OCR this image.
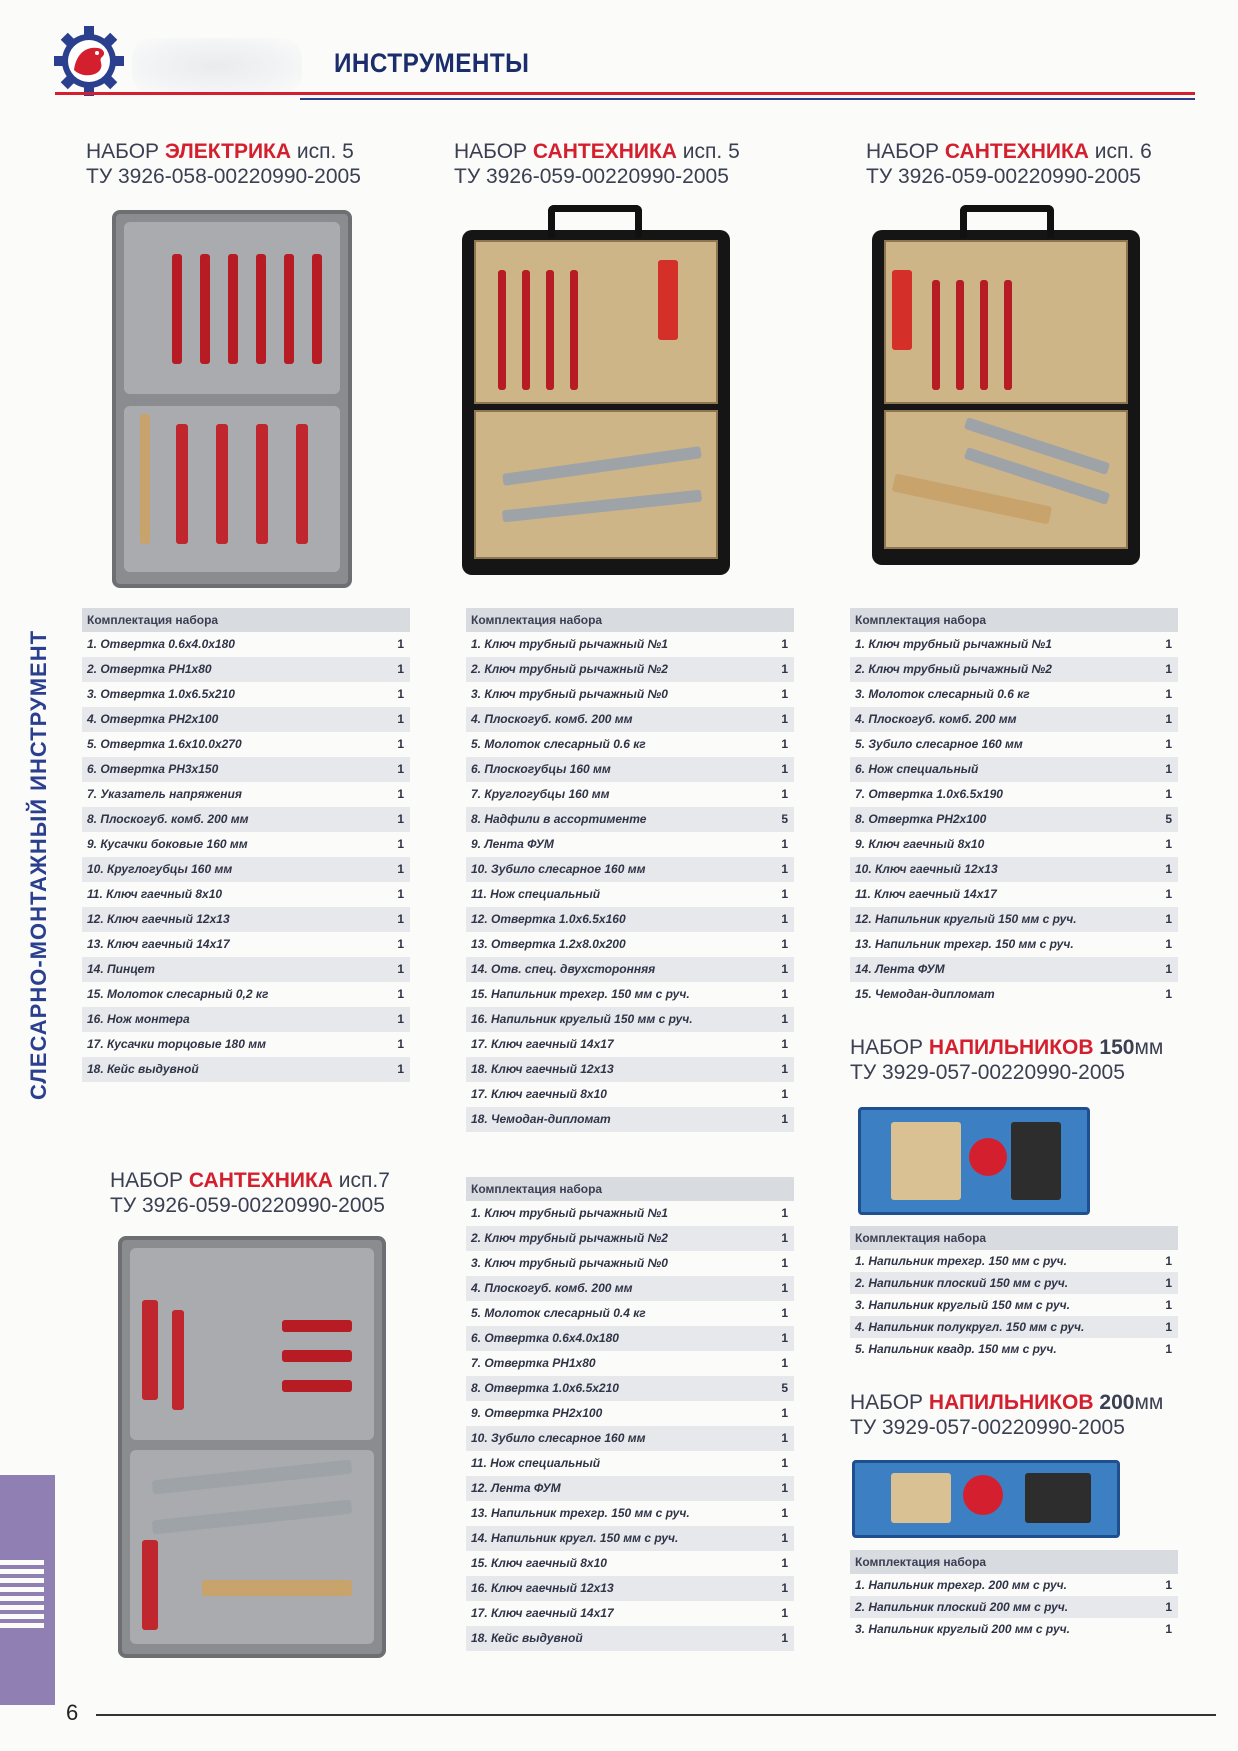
ИНСТРУМЕНТЫ
СЛЕСАРНО-МОНТАЖНЫЙ ИНСТРУМЕНТ
НАБОР ЭЛЕКТРИКА исп. 5
ТУ 3926-058-00220990-2005
Комплектация набора
1. Отвертка 0.6х4.0х180	1
2. Отвертка PH1х80	1
3. Отвертка 1.0х6.5х210	1
4. Отвертка PH2х100	1
5. Отвертка 1.6х10.0х270	1
6. Отвертка PH3х150	1
7. Указатель напряжения	1
8. Плоскогуб. комб. 200 мм	1
9. Кусачки боковые 160 мм	1
10. Круглогубцы 160 мм	1
11. Ключ гаечный 8х10	1
12. Ключ гаечный 12х13	1
13. Ключ гаечный 14х17	1
14. Пинцет	1
15. Молоток слесарный 0,2 кг	1
16. Нож монтера	1
17. Кусачки торцовые 180 мм	1
18. Кейс выдувной	1
НАБОР САНТЕХНИКА исп. 5
ТУ 3926-059-00220990-2005
Комплектация набора
1. Ключ трубный рычажный №1	1
2. Ключ трубный рычажный №2	1
3. Ключ трубный рычажный №0	1
4. Плоскогуб. комб. 200 мм	1
5. Молоток слесарный 0.6 кг	1
6. Плоскогубцы 160 мм	1
7. Круглогубцы 160 мм	1
8. Надфили в ассортименте	5
9. Лента ФУМ	1
10. Зубило слесарное 160 мм	1
11. Нож специальный	1
12. Отвертка 1.0х6.5х160	1
13. Отвертка 1.2х8.0х200	1
14. Отв. спец. двухсторонняя	1
15. Напильник трехгр. 150 мм с руч.	1
16. Напильник круглый 150 мм с руч.	1
17. Ключ гаечный 14х17	1
18. Ключ гаечный 12х13	1
17. Ключ гаечный 8х10	1
18. Чемодан-дипломат	1
НАБОР САНТЕХНИКА исп. 6
ТУ 3926-059-00220990-2005
Комплектация набора
1. Ключ трубный рычажный №1	1
2. Ключ трубный рычажный №2	1
3. Молоток слесарный 0.6 кг	1
4. Плоскогуб. комб. 200 мм	1
5. Зубило слесарное 160 мм	1
6. Нож специальный	1
7. Отвертка 1.0х6.5х190	1
8. Отвертка PH2х100	5
9. Ключ гаечный 8х10	1
10. Ключ гаечный 12х13	1
11. Ключ гаечный 14х17	1
12. Напильник круглый 150 мм с руч.	1
13. Напильник трехгр. 150 мм с руч.	1
14. Лента ФУМ	1
15. Чемодан-дипломат	1
НАБОР НАПИЛЬНИКОВ 150мм
ТУ 3929-057-00220990-2005
Комплектация набора
1. Напильник трехгр. 150 мм с руч.	1
2. Напильник плоский 150 мм с руч.	1
3. Напильник круглый 150 мм с руч.	1
4. Напильник полукругл. 150 мм с руч.	1
5. Напильник квадр. 150 мм с руч.	1
НАБОР НАПИЛЬНИКОВ 200мм
ТУ 3929-057-00220990-2005
Комплектация набора
1. Напильник трехгр. 200 мм с руч.	1
2. Напильник плоский 200 мм с руч.	1
3. Напильник круглый 200 мм с руч.	1
НАБОР САНТЕХНИКА исп.7
ТУ 3926-059-00220990-2005
Комплектация набора
1. Ключ трубный рычажный №1	1
2. Ключ трубный рычажный №2	1
3. Ключ трубный рычажный №0	1
4. Плоскогуб. комб. 200 мм	1
5. Молоток слесарный 0.4 кг	1
6. Отвертка 0.6х4.0х180	1
7. Отвертка PH1х80	1
8. Отвертка 1.0х6.5х210	5
9. Отвертка PH2х100	1
10. Зубило слесарное 160 мм	1
11. Нож специальный	1
12. Лента ФУМ	1
13. Напильник трехгр. 150 мм с руч.	1
14. Напильник кругл. 150 мм с руч.	1
15. Ключ гаечный 8х10	1
16. Ключ гаечный 12х13	1
17. Ключ гаечный 14х17	1
18. Кейс выдувной	1
6
